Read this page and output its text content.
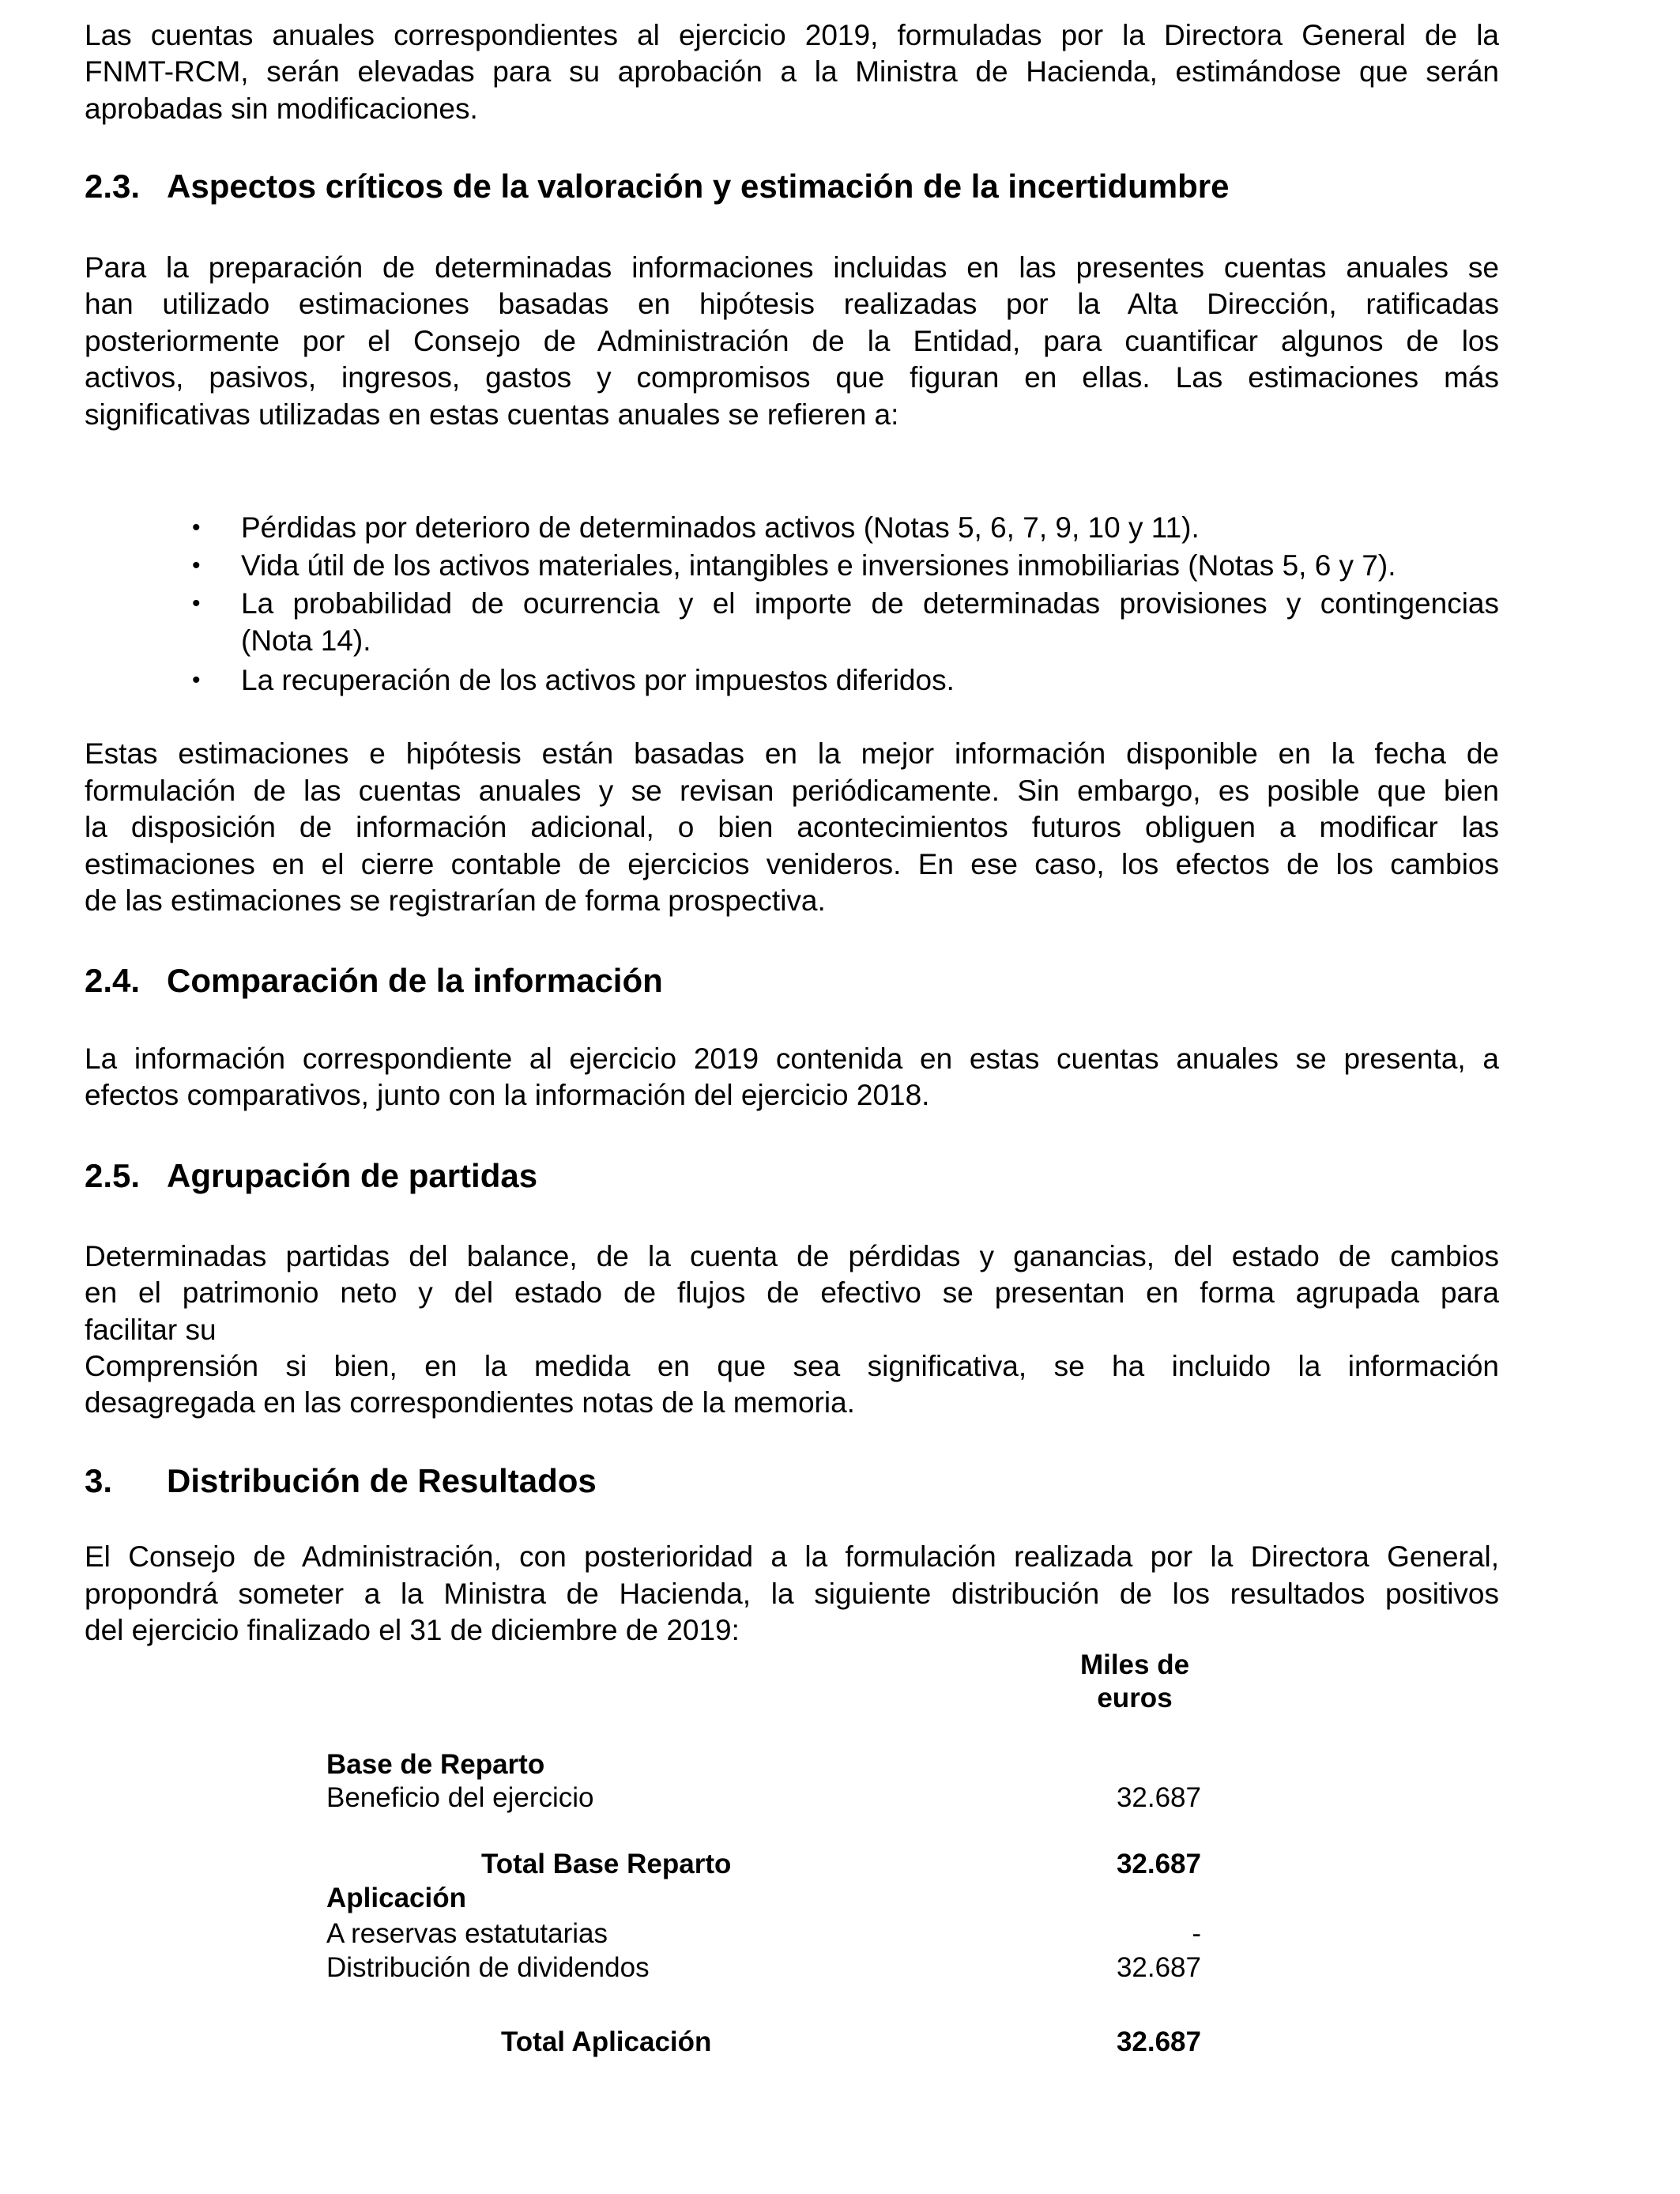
2.3. Aspectos críticos de la valoración y estimación de la incertidumbre
2.4. Comparación de la información
2.5. Agrupación de partidas
3. Distribución de Resultados
Miles de
euros
Base de Reparto
Beneficio del ejercicio	32.687
Total Base Reparto	32.687
Aplicación
A reservas estatutarias	-
Distribución de dividendos	32.687
Total Aplicación	32.687
Las cuentas anuales correspondientes al ejercicio 2019, formuladas por la Directora General de la
FNMT-RCM, serán elevadas para su aprobación a la Ministra de Hacienda, estimándose que serán
aprobadas sin modificaciones.
Para la preparación de determinadas informaciones incluidas en las presentes cuentas anuales se
han utilizado estimaciones basadas en hipótesis realizadas por la Alta Dirección, ratificadas
posteriormente por el Consejo de Administración de la Entidad, para cuantificar algunos de los
activos, pasivos, ingresos, gastos y compromisos que figuran en ellas. Las estimaciones más
significativas utilizadas en estas cuentas anuales se refieren a:
Estas estimaciones e hipótesis están basadas en la mejor información disponible en la fecha de
formulación de las cuentas anuales y se revisan periódicamente. Sin embargo, es posible que bien
la disposición de información adicional, o bien acontecimientos futuros obliguen a modificar las
estimaciones en el cierre contable de ejercicios venideros. En ese caso, los efectos de los cambios
de las estimaciones se registrarían de forma prospectiva.
La información correspondiente al ejercicio 2019 contenida en estas cuentas anuales se presenta, a
efectos comparativos, junto con la información del ejercicio 2018.
Determinadas partidas del balance, de la cuenta de pérdidas y ganancias, del estado de cambios
en el patrimonio neto y del estado de flujos de efectivo se presentan en forma agrupada para
facilitar su
Comprensión si bien, en la medida en que sea significativa, se ha incluido la información
desagregada en las correspondientes notas de la memoria.
El Consejo de Administración, con posterioridad a la formulación realizada por la Directora General,
propondrá someter a la Ministra de Hacienda, la siguiente distribución de los resultados positivos
del ejercicio finalizado el 31 de diciembre de 2019:
• Pérdidas por deterioro de determinados activos (Notas 5, 6, 7, 9, 10 y 11).
• Vida útil de los activos materiales, intangibles e inversiones inmobiliarias (Notas 5, 6 y 7).
• La probabilidad de ocurrencia y el importe de determinadas provisiones y contingencias
(Nota 14).
• La recuperación de los activos por impuestos diferidos.
